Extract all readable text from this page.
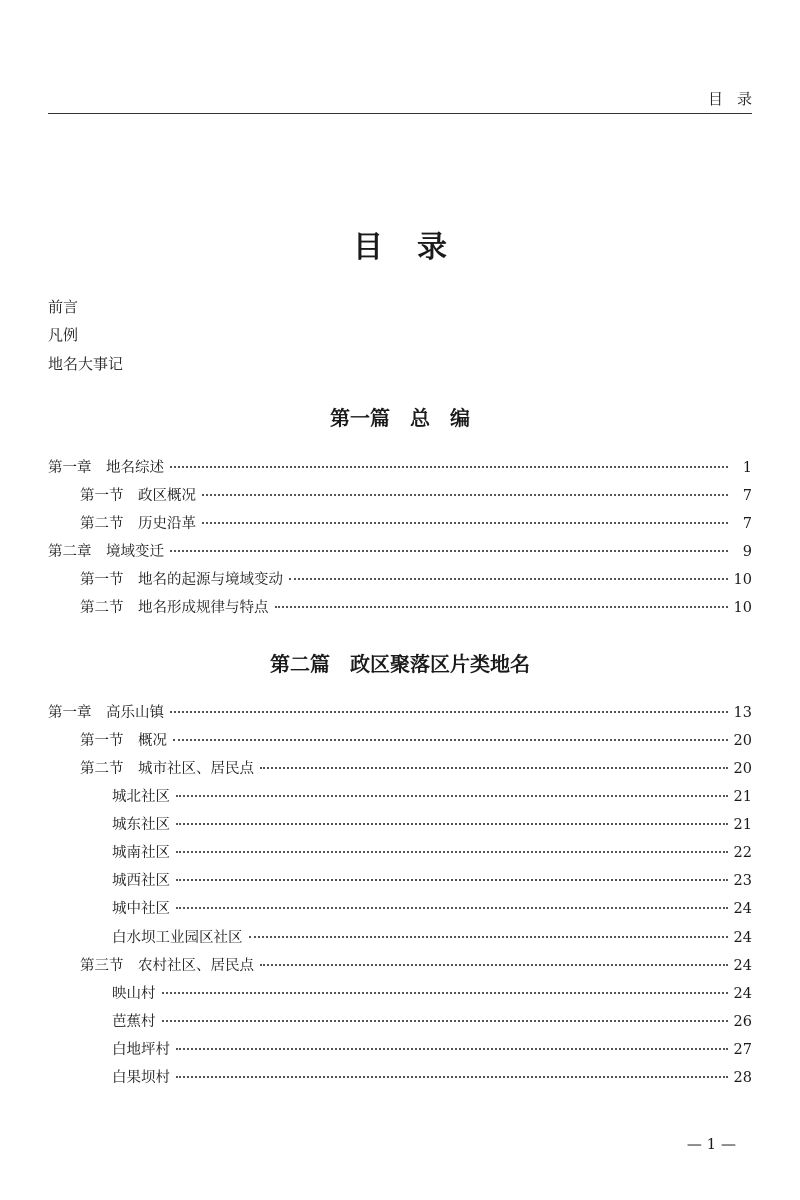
目录
目录
前言
凡例
地名大事记
第一篇　总　编
第一章　地名综述	1
第一节　政区概况	7
第二节　历史沿革	7
第二章　境域变迁	9
第一节　地名的起源与境域变动	10
第二节　地名形成规律与特点	10
第二篇　政区聚落区片类地名
第一章　高乐山镇	13
第一节　概况	20
第二节　城市社区、居民点	20
城北社区	21
城东社区	21
城南社区	22
城西社区	23
城中社区	24
白水坝工业园区社区	24
第三节　农村社区、居民点	24
映山村	24
芭蕉村	26
白地坪村	27
白果坝村	28
— 1 —
